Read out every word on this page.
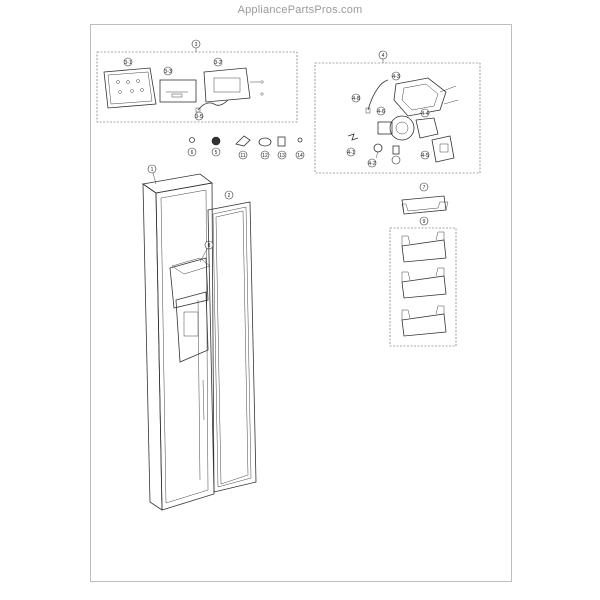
AppliancePartsPros.com
3
3-1
3-3
3-2
3-5
4
4-3
4-8
4-6	4-4
4-1
4-2
4-5
6	5	11	12 13 14
1
8
2
7
9
